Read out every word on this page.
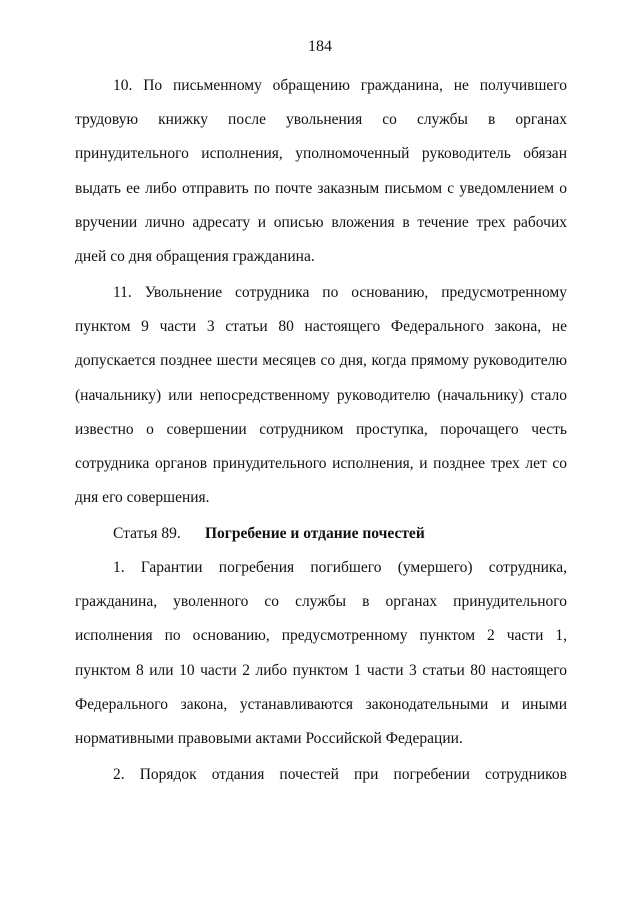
184

10. По письменному обращению гражданина, не получившего трудовую книжку после увольнения со службы в органах принудительного исполнения, уполномоченный руководитель обязан выдать ее либо отправить по почте заказным письмом с уведомлением о вручении лично адресату и описью вложения в течение трех рабочих дней со дня обращения гражданина.

11. Увольнение сотрудника по основанию, предусмотренному пунктом 9 части 3 статьи 80 настоящего Федерального закона, не допускается позднее шести месяцев со дня, когда прямому руководителю (начальнику) или непосредственному руководителю (начальнику) стало известно о совершении сотрудником проступка, порочащего честь сотрудника органов принудительного исполнения, и позднее трех лет со дня его совершения.

Статья 89. Погребение и отдание почестей

1. Гарантии погребения погибшего (умершего) сотрудника, гражданина, уволенного со службы в органах принудительного исполнения по основанию, предусмотренному пунктом 2 части 1, пунктом 8 или 10 части 2 либо пунктом 1 части 3 статьи 80 настоящего Федерального закона, устанавливаются законодательными и иными нормативными правовыми актами Российской Федерации.

2. Порядок отдания почестей при погребении сотрудников
